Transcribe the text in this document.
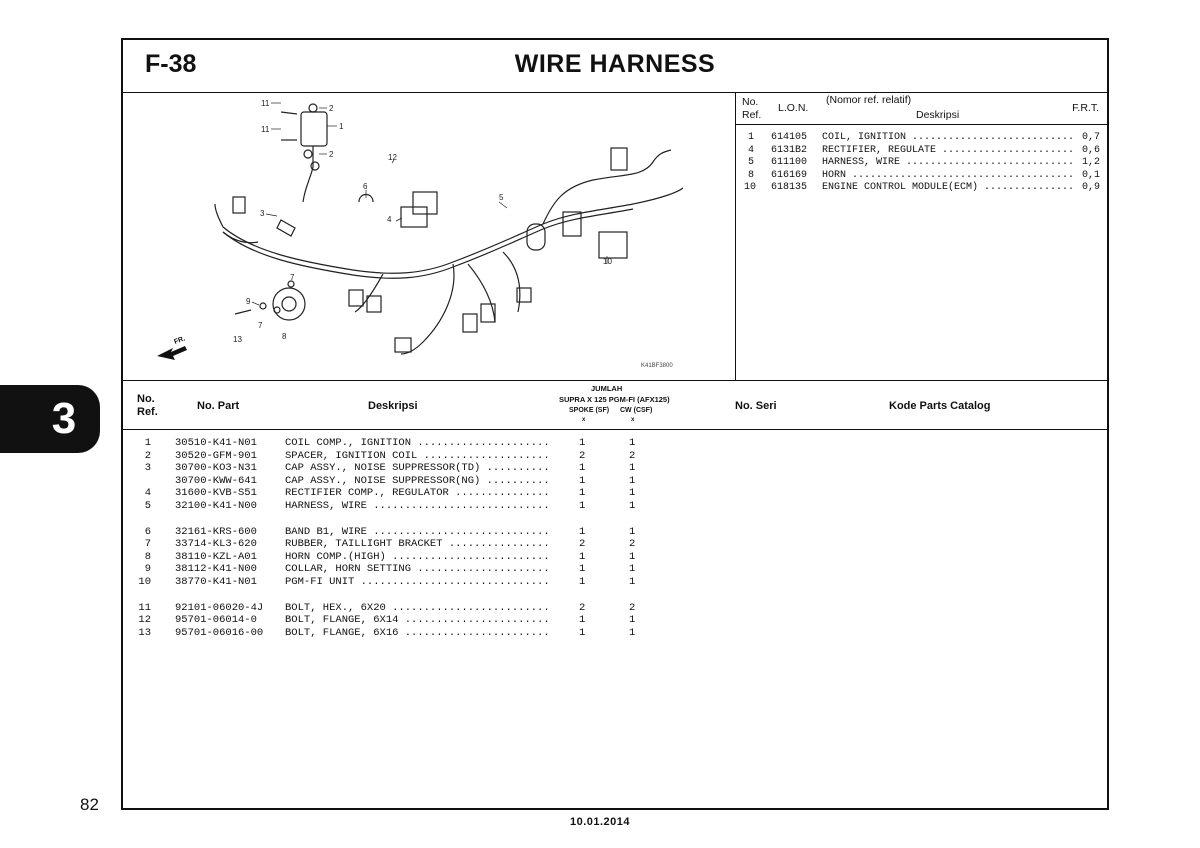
3
82
F-38	WIRE HARNESS
11
2
11	1
2	12
6
5
3
4
10
7
9
7
8
13
FR.
K41BF3800
No.
Ref.
L.O.N.
(Nomor ref. relatif)
Deskripsi
F.R.T.
1 614105 COIL, IGNITION ........................... 0,7
4 6131B2 RECTIFIER, REGULATE ...................... 0,6
5 611100 HARNESS, WIRE ............................ 1,2
8 616169 HORN ..................................... 0,1
10 618135 ENGINE CONTROL MODULE(ECM) ............... 0,9
No.

Ref.	No. Part	Deskripsi
JUMLAH
SUPRA X 125 PGM-FI (AFX125)
SPOKE (SF) CW (CSF)
x	x
No. Seri	Kode Parts Catalog
1 30510-K41-N01	COIL COMP., IGNITION .....................	1	1
2 30520-GFM-901	SPACER, IGNITION COIL ....................	2	2
3 30700-KO3-N31	CAP ASSY., NOISE SUPPRESSOR(TD) ..........	1	1
30700-KWW-641	CAP ASSY., NOISE SUPPRESSOR(NG) ..........	1	1
4 31600-KVB-S51	RECTIFIER COMP., REGULATOR ...............	1	1
5 32100-K41-N00	HARNESS, WIRE ............................	1	1
6 32161-KRS-600	BAND B1, WIRE ............................	1	1
7 33714-KL3-620	RUBBER, TAILLIGHT BRACKET ................	2	2
8 38110-KZL-A01	HORN COMP.(HIGH) .........................	1	1
9 38112-K41-N00	COLLAR, HORN SETTING .....................	1	1
10 38770-K41-N01	PGM-FI UNIT ..............................	1	1
11 92101-06020-4J BOLT, HEX., 6X20 .........................	2	2
12 95701-06014-0	BOLT, FLANGE, 6X14 .......................	1	1
13 95701-06016-00 BOLT, FLANGE, 6X16 .......................	1	1
10.01.2014
